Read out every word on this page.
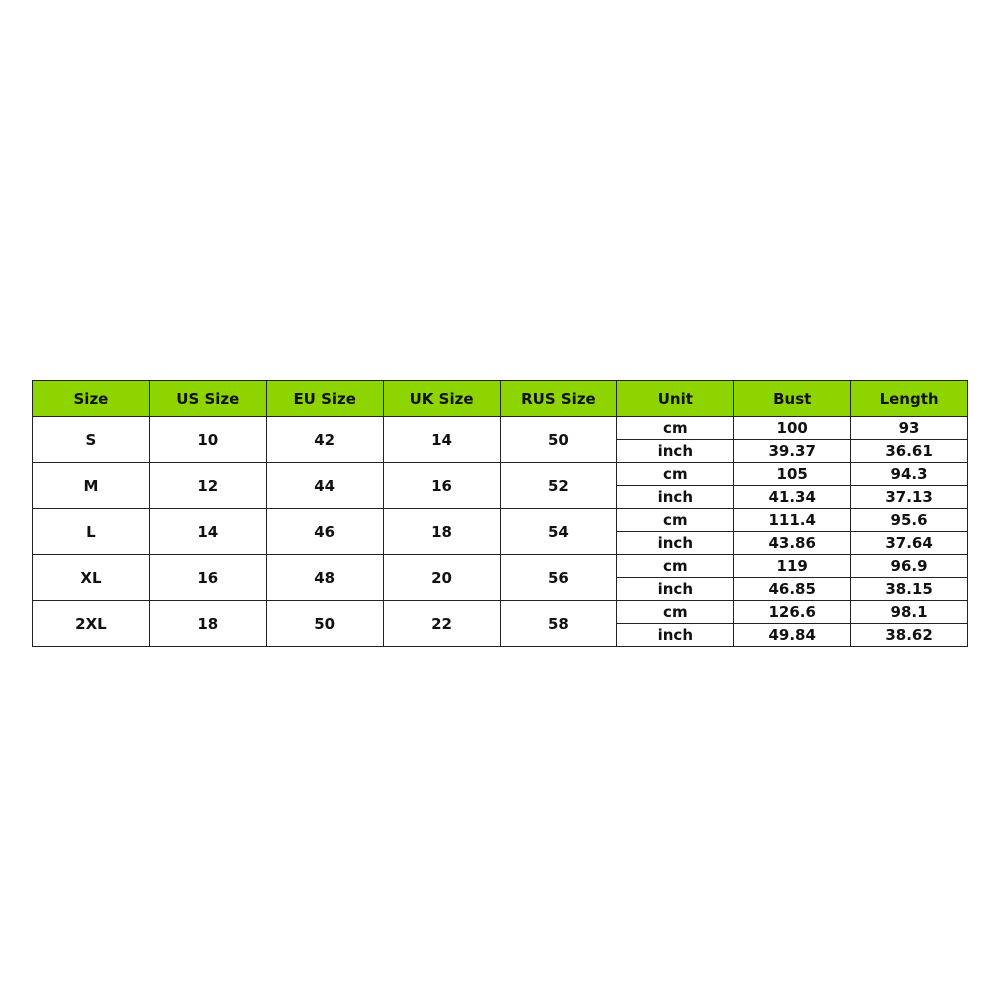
Size	US Size	EU Size	UK Size	RUS Size	Unit	Bust	Length
S	10	42	14	50	cm	100	93
					inch	39.37	36.61
M	12	44	16	52	cm	105	94.3
					inch	41.34	37.13
L	14	46	18	54	cm	111.4	95.6
					inch	43.86	37.64
XL	16	48	20	56	cm	119	96.9
					inch	46.85	38.15
2XL	18	50	22	58	cm	126.6	98.1
					inch	49.84	38.62
